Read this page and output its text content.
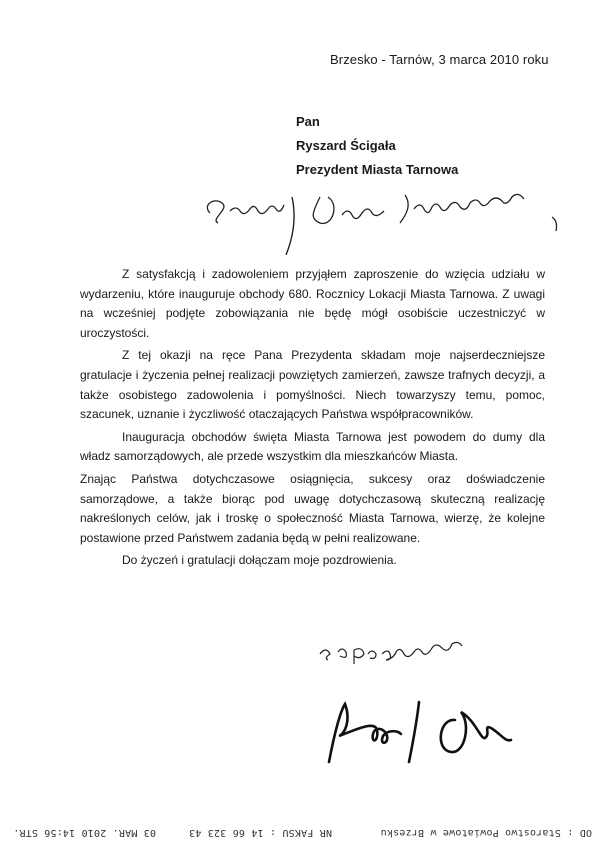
Brzesko - Tarnów, 3 marca 2010 roku
Pan
Ryszard Ścigała
Prezydent Miasta Tarnowa
Szanowny Panie Prezydencie,

Z satysfakcją i zadowoleniem przyjąłem zaproszenie do wzięcia udziału w wydarzeniu, które inauguruje obchody 680. Rocznicy Lokacji Miasta Tarnowa. Z uwagi na wcześniej podjęte zobowiązania nie będę mógł osobiście uczestniczyć w uroczystości.

Z tej okazji na ręce Pana Prezydenta składam moje najserdeczniejsze gratulacje i życzenia pełnej realizacji powziętych zamierzeń, zawsze trafnych decyzji, a także osobistego zadowolenia i pomyślności. Niech towarzyszy temu, pomoc, szacunek, uznanie i życzliwość otaczających Państwa współpracowników.

Inauguracja obchodów święta Miasta Tarnowa jest powodem do dumy dla władz samorządowych, ale przede wszystkim dla mieszkańców Miasta.

Znając Państwa dotychczasowe osiągnięcia, sukcesy oraz doświadczenie samorządowe, a także biorąc pod uwagę dotychczasową skuteczną realizację nakreślonych celów, jak i troskę o społeczność Miasta Tarnowa, wierzę, że kolejne postawione przed Państwem zadania będą w pełni realizowane.

Do życzeń i gratulacji dołączam moje pozdrowienia.

z pozdrowieniami
OD : Starostwo Powiatowe w Brzesku
NR FAKSU : 14 66 323 43
03 MAR. 2010 14:56
STR.
